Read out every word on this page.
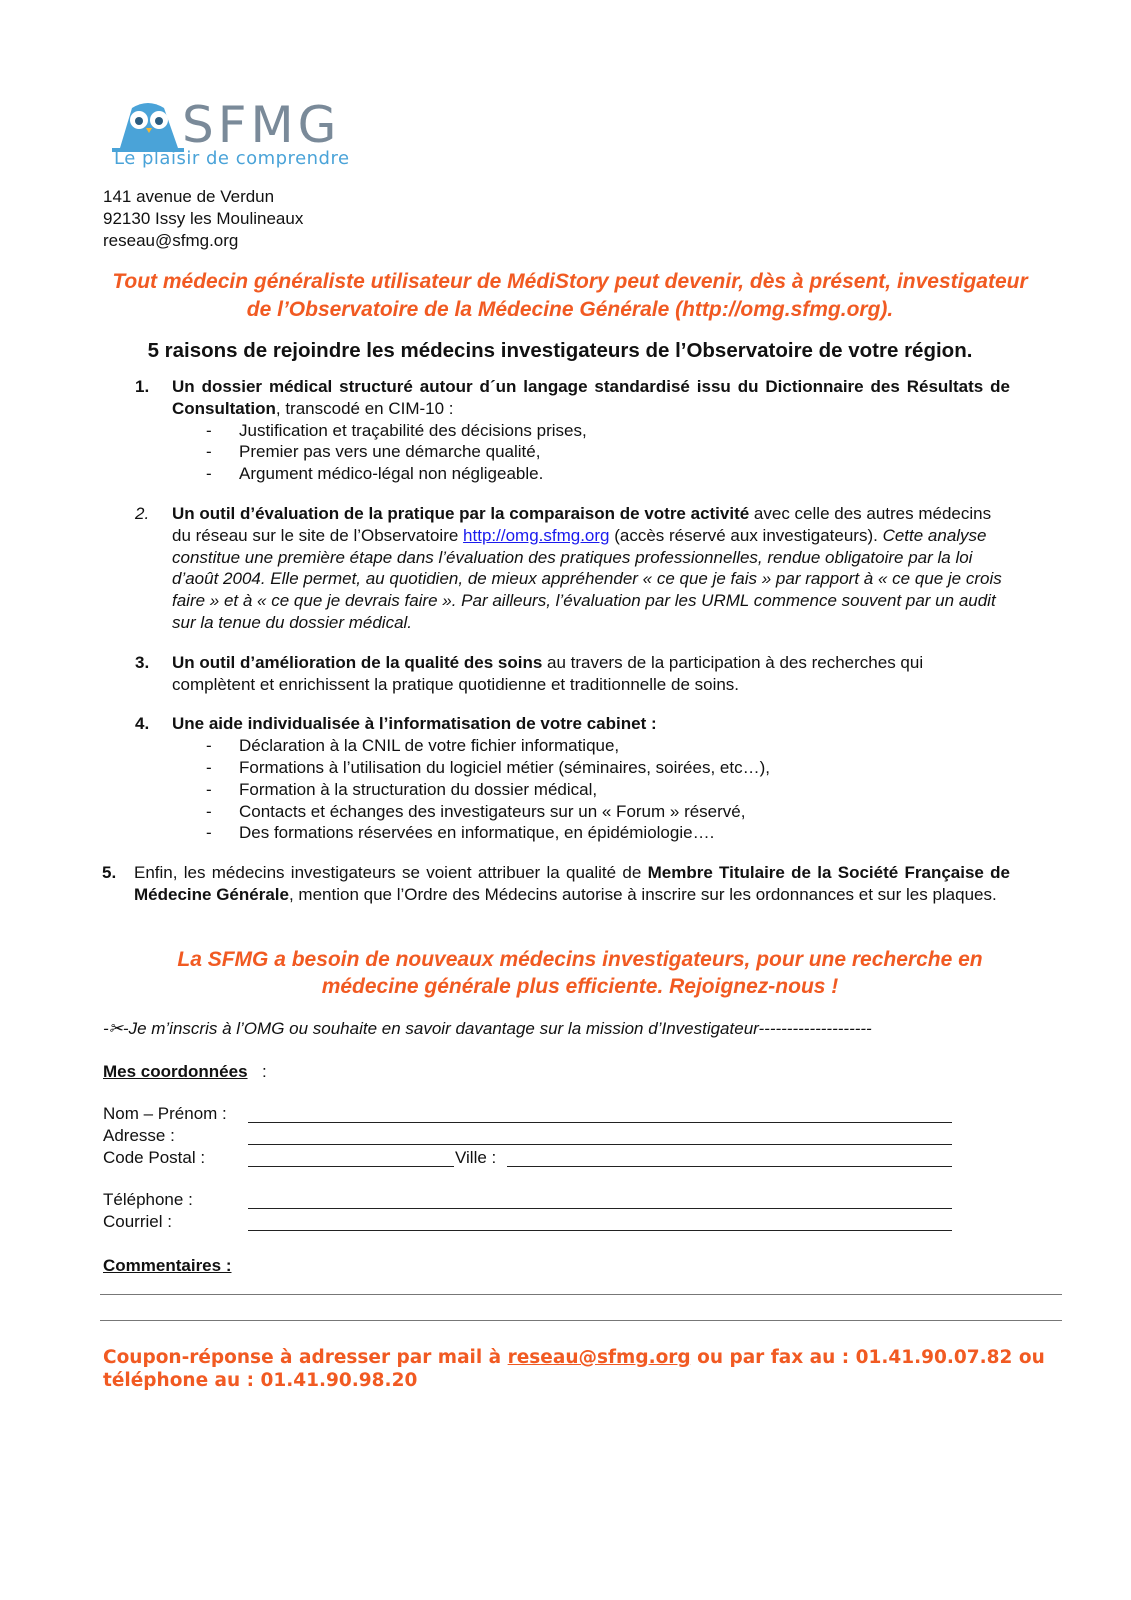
SFMG
Le plaisir de comprendre
141 avenue de Verdun
92130 Issy les Moulineaux
reseau@sfmg.org
Tout médecin généraliste utilisateur de MédiStory peut devenir, dès à présent, investigateur
de l’Observatoire de la Médecine Générale (http://omg.sfmg.org).
5 raisons de rejoindre les médecins investigateurs de l’Observatoire de votre région.
1. Un dossier médical structuré autour d´un langage standardisé issu du Dictionnaire des Résultats de Consultation, transcodé en CIM-10 :
- Justification et traçabilité des décisions prises,
- Premier pas vers une démarche qualité,
- Argument médico-légal non négligeable.
2. Un outil d’évaluation de la pratique par la comparaison de votre activité avec celle des autres médecins du réseau sur le site de l’Observatoire http://omg.sfmg.org (accès réservé aux investigateurs). Cette analyse constitue une première étape dans l’évaluation des pratiques professionnelles, rendue obligatoire par la loi d’août 2004. Elle permet, au quotidien, de mieux appréhender « ce que je fais » par rapport à « ce que je crois faire » et à « ce que je devrais faire ». Par ailleurs, l’évaluation par les URML commence souvent par un audit sur la tenue du dossier médical.
3. Un outil d’amélioration de la qualité des soins au travers de la participation à des recherches qui complètent et enrichissent la pratique quotidienne et traditionnelle de soins.
4. Une aide individualisée à l’informatisation de votre cabinet :
- Déclaration à la CNIL de votre fichier informatique,
- Formations à l’utilisation du logiciel métier (séminaires, soirées, etc…),
- Formation à la structuration du dossier médical,
- Contacts et échanges des investigateurs sur un « Forum » réservé,
- Des formations réservées en informatique, en épidémiologie….
5. Enfin, les médecins investigateurs se voient attribuer la qualité de Membre Titulaire de la Société Française de Médecine Générale, mention que l’Ordre des Médecins autorise à inscrire sur les ordonnances et sur les plaques.
La SFMG a besoin de nouveaux médecins investigateurs, pour une recherche en
médecine générale plus efficiente. Rejoignez-nous !
-✂-Je m’inscris à l’OMG ou souhaite en savoir davantage sur la mission d’Investigateur--------------------
Mes coordonnées :
Nom – Prénom :
Adresse :
Code Postal :	Ville :
Téléphone :
Courriel :
Commentaires :
Coupon-réponse à adresser par mail à reseau@sfmg.org ou par fax au : 01.41.90.07.82 ou
téléphone au : 01.41.90.98.20
